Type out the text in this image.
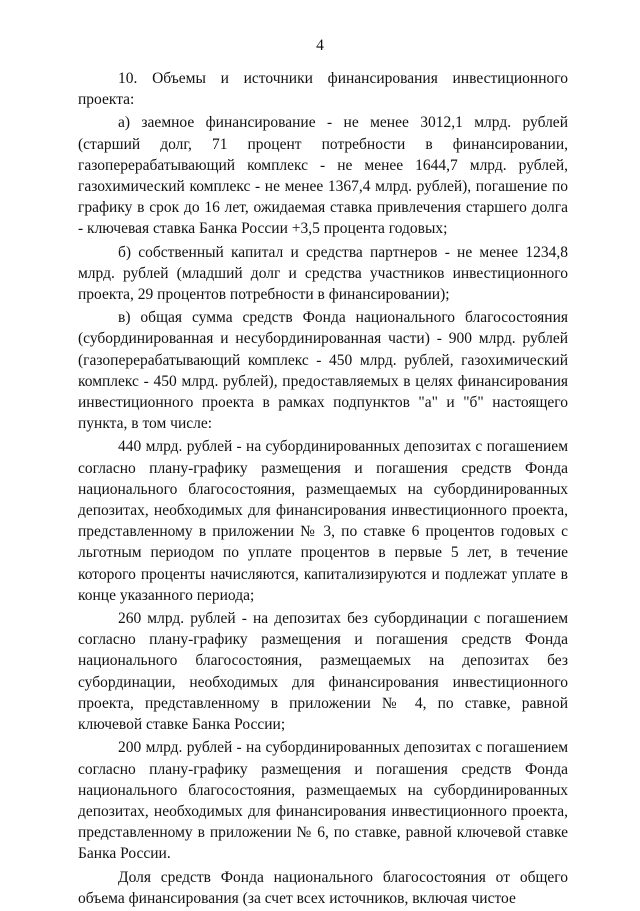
4

10. Объемы и источники финансирования инвестиционного проекта:

а) заемное финансирование - не менее 3012,1 млрд. рублей (старший долг, 71 процент потребности в финансировании, газоперерабатывающий комплекс - не менее 1644,7 млрд. рублей, газохимический комплекс - не менее 1367,4 млрд. рублей), погашение по графику в срок до 16 лет, ожидаемая ставка привлечения старшего долга - ключевая ставка Банка России +3,5 процента годовых;

б) собственный капитал и средства партнеров - не менее 1234,8 млрд. рублей (младший долг и средства участников инвестиционного проекта, 29 процентов потребности в финансировании);

в) общая сумма средств Фонда национального благосостояния (субординированная и несубординированная части) - 900 млрд. рублей (газоперерабатывающий комплекс - 450 млрд. рублей, газохимический комплекс - 450 млрд. рублей), предоставляемых в целях финансирования инвестиционного проекта в рамках подпунктов "а" и "б" настоящего пункта, в том числе:

440 млрд. рублей - на субординированных депозитах с погашением согласно плану-графику размещения и погашения средств Фонда национального благосостояния, размещаемых на субординированных депозитах, необходимых для финансирования инвестиционного проекта, представленному в приложении № 3, по ставке 6 процентов годовых с льготным периодом по уплате процентов в первые 5 лет, в течение которого проценты начисляются, капитализируются и подлежат уплате в конце указанного периода;

260 млрд. рублей - на депозитах без субординации с погашением согласно плану-графику размещения и погашения средств Фонда национального благосостояния, размещаемых на депозитах без субординации, необходимых для финансирования инвестиционного проекта, представленному в приложении № 4, по ставке, равной ключевой ставке Банка России;

200 млрд. рублей - на субординированных депозитах с погашением согласно плану-графику размещения и погашения средств Фонда национального благосостояния, размещаемых на субординированных депозитах, необходимых для финансирования инвестиционного проекта, представленному в приложении № 6, по ставке, равной ключевой ставке Банка России.

Доля средств Фонда национального благосостояния от общего объема финансирования (за счет всех источников, включая чистое
